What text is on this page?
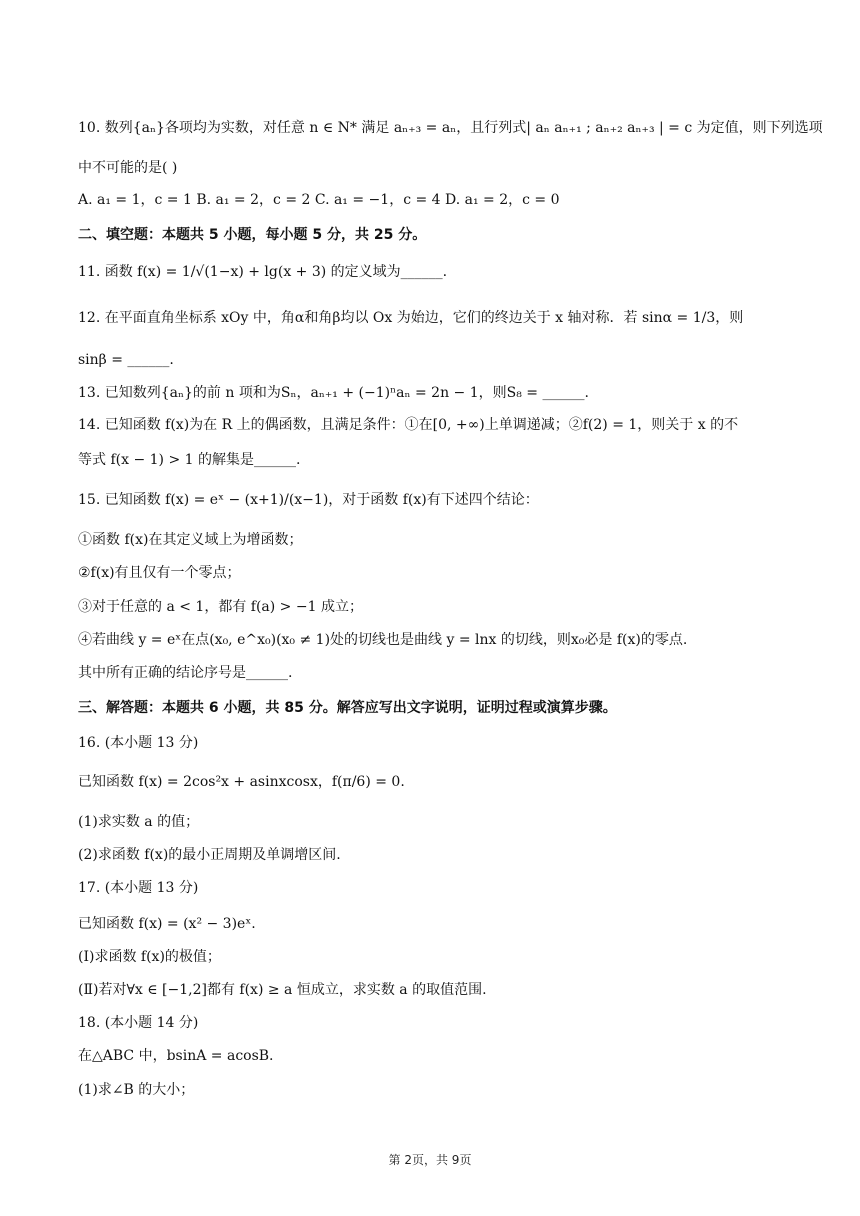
10. 数列{aₙ}各项均为实数，对任意 n ∈ N* 满足 aₙ₊₃ = aₙ，且行列式| aₙ aₙ₊₁ ; aₙ₊₂ aₙ₊₃ | = c 为定值，则下列选项
中不可能的是( )
A. a₁ = 1，c = 1 B. a₁ = 2，c = 2 C. a₁ = −1，c = 4 D. a₁ = 2，c = 0
二、填空题：本题共 5 小题，每小题 5 分，共 25 分。
11. 函数 f(x) = 1/√(1−x) + lg(x + 3) 的定义域为______.
12. 在平面直角坐标系 xOy 中，角α和角β均以 Ox 为始边，它们的终边关于 x 轴对称．若 sinα = 1/3，则
sinβ = ______.
13. 已知数列{aₙ}的前 n 项和为Sₙ，aₙ₊₁ + (−1)ⁿaₙ = 2n − 1，则S₈ = ______.
14. 已知函数 f(x)为在 R 上的偶函数，且满足条件：①在[0, +∞)上单调递减；②f(2) = 1，则关于 x 的不
等式 f(x − 1) > 1 的解集是______.
15. 已知函数 f(x) = eˣ − (x+1)/(x−1)，对于函数 f(x)有下述四个结论：
①函数 f(x)在其定义域上为增函数；
②f(x)有且仅有一个零点；
③对于任意的 a < 1，都有 f(a) > −1 成立；
④若曲线 y = eˣ在点(x₀, e^x₀)(x₀ ≠ 1)处的切线也是曲线 y = lnx 的切线，则x₀必是 f(x)的零点.
其中所有正确的结论序号是______.
三、解答题：本题共 6 小题，共 85 分。解答应写出文字说明，证明过程或演算步骤。
16. (本小题 13 分)
已知函数 f(x) = 2cos²x + asinxcosx，f(π/6) = 0.
(1)求实数 a 的值；
(2)求函数 f(x)的最小正周期及单调增区间.
17. (本小题 13 分)
已知函数 f(x) = (x² − 3)eˣ.
(Ⅰ)求函数 f(x)的极值；
(Ⅱ)若对∀x ∈ [−1,2]都有 f(x) ≥ a 恒成立，求实数 a 的取值范围.
18. (本小题 14 分)
在△ABC 中，bsinA = acosB.
(1)求∠B 的大小；
第 2页，共 9页
